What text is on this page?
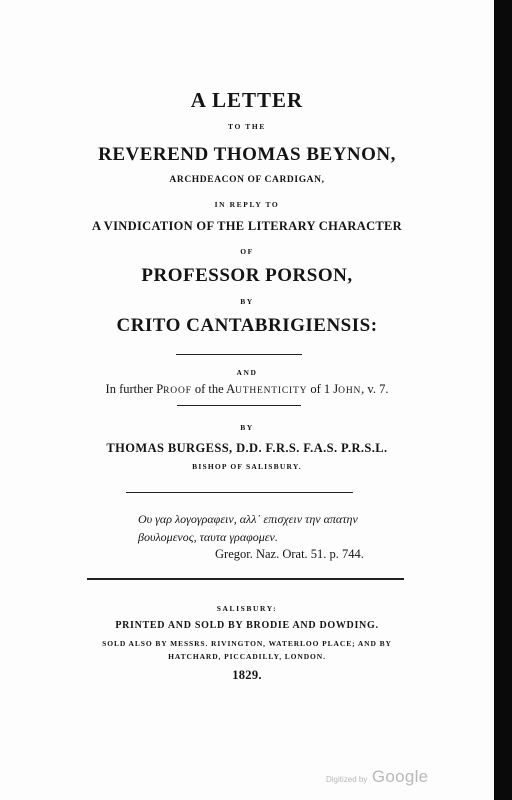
A LETTER
TO THE
REVEREND THOMAS BEYNON,
ARCHDEACON OF CARDIGAN,
IN REPLY TO
A VINDICATION OF THE LITERARY CHARACTER
OF
PROFESSOR PORSON,
BY
CRITO CANTABRIGIENSIS:
AND
In further PROOF of the AUTHENTICITY of 1 JOHN, v. 7.
BY
THOMAS BURGESS, D.D. F.R.S. F.A.S. P.R.S.L.
BISHOP OF SALISBURY.
Ου γαρ λογογραφειν, αλλ᾽ επισχειν την απατην
βουλομενος, ταυτα γραφομεν.
Gregor. Naz. Orat. 51. p. 744.
SALISBURY:
PRINTED AND SOLD BY BRODIE AND DOWDING.
SOLD ALSO BY MESSRS. RIVINGTON, WATERLOO PLACE; AND BY
HATCHARD, PICCADILLY, LONDON.
1829.
Digitized by Google
